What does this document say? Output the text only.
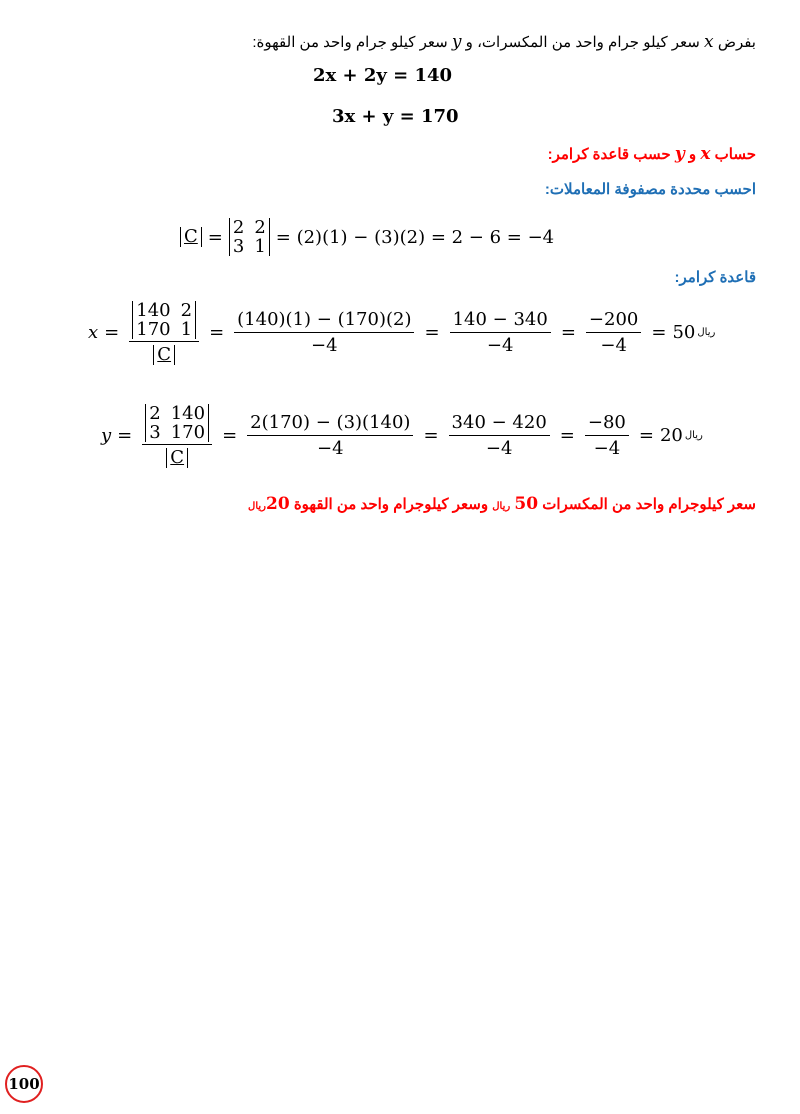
بفرض x سعر كيلو جرام واحد من المكسرات، و y سعر كيلو جرام واحد من القهوة:
2x + 2y = 140
3x + y = 170
حساب x و y حسب قاعدة كرامر:
احسب محددة مصفوفة المعاملات:
C = 2 2
3 1 = (2)(1) − (3)(2) = 2 − 6 = −4
قاعدة كرامر:
x = 140 2
170 1
$C = \frac{(140)(1) - (170)(2)}{-4} = \frac{140 - 340}{-4} = \frac{-200}{-4} = 50$ ريال
y = 2 140
3 170
$C = \frac{2(170) - (3)(140)}{-4} = \frac{340 - 420}{-4} = \frac{-80}{-4} = 20$ ريال
سعر كيلوجرام واحد من المكسرات 50 ريال وسعر كيلوجرام واحد من القهوة 20ريال
100
